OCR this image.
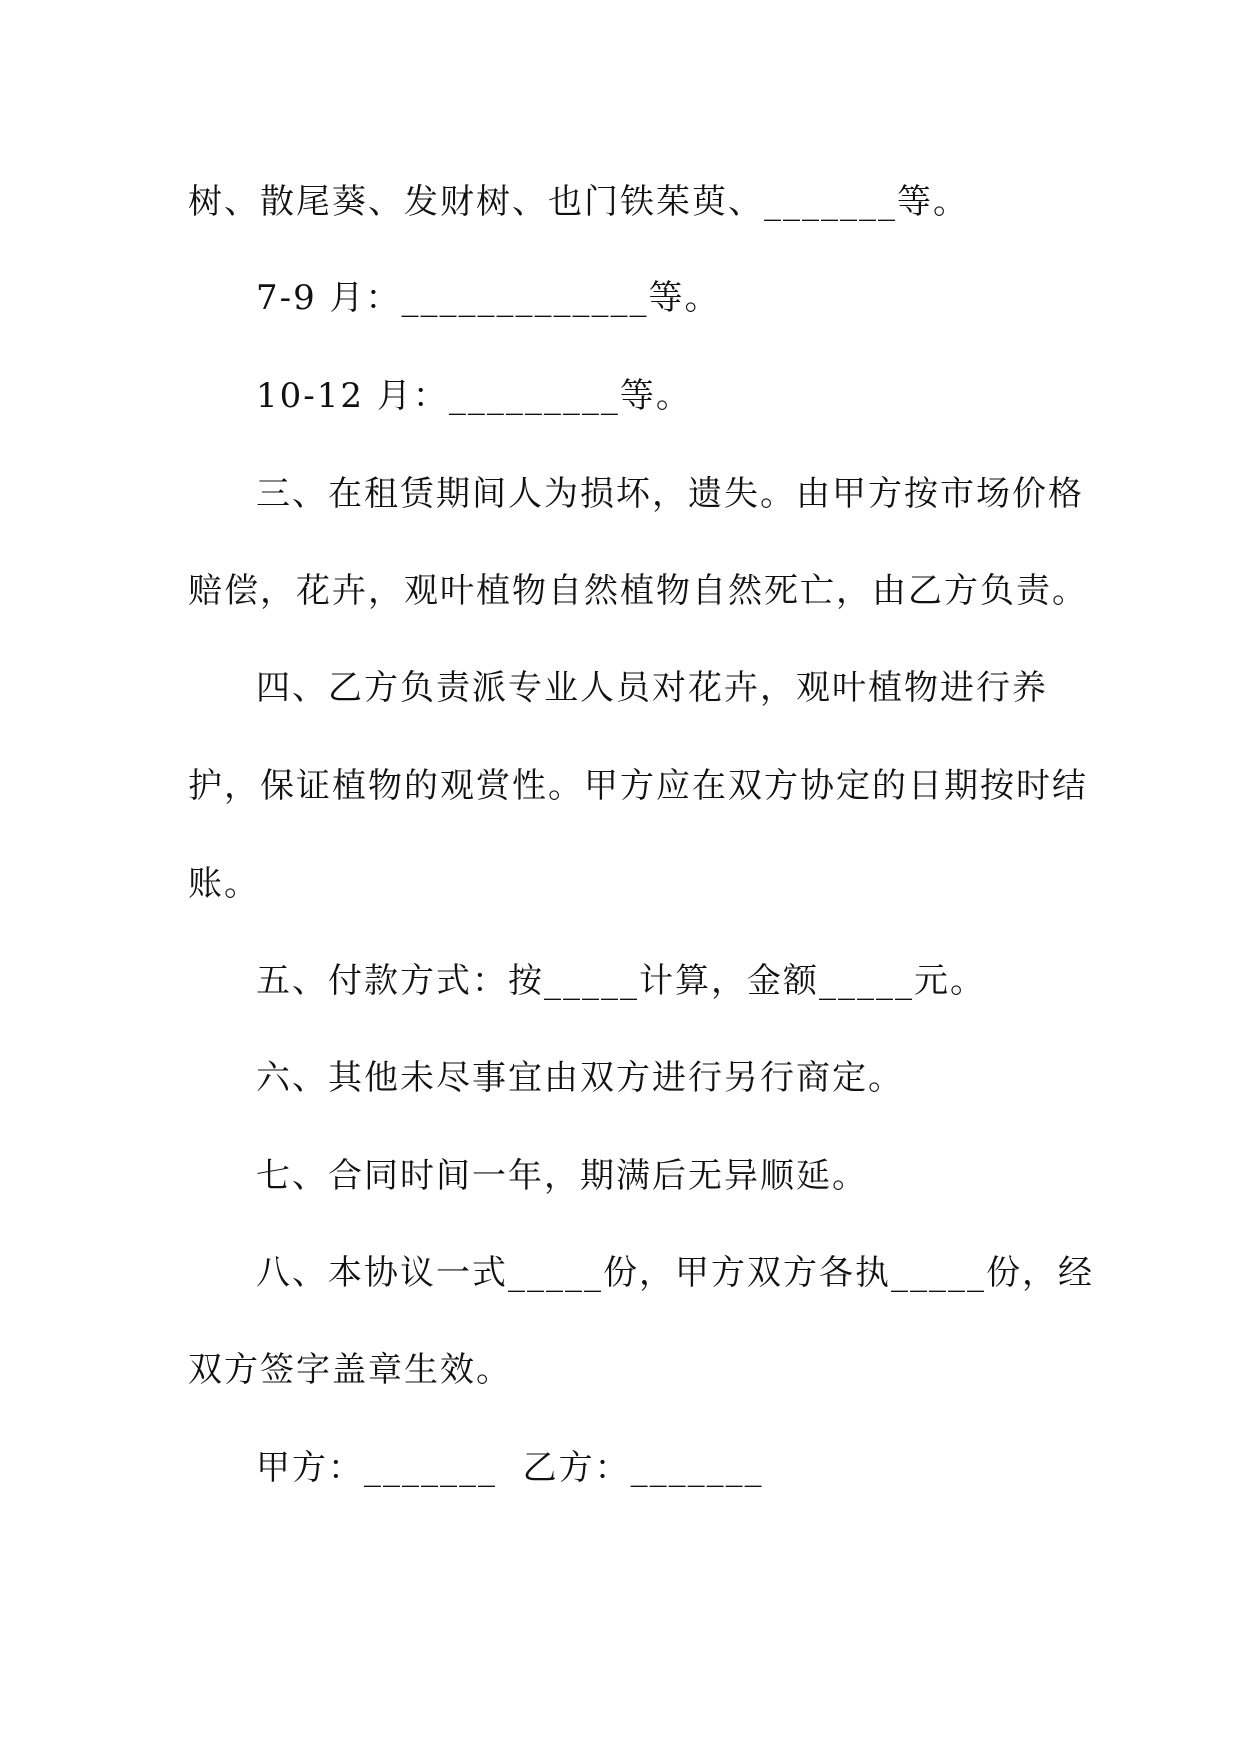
树、散尾葵、发财树、也门铁茱萸、_______等。
7-9 月：_____________等。
10-12 月：_________等。
三、在租赁期间人为损坏，遗失。由甲方按市场价格
赔偿，花卉，观叶植物自然植物自然死亡，由乙方负责。
四、乙方负责派专业人员对花卉，观叶植物进行养
护，保证植物的观赏性。甲方应在双方协定的日期按时结
账。
五、付款方式：按_____计算，金额_____元。
六、其他未尽事宜由双方进行另行商定。
七、合同时间一年，期满后无异顺延。
八、本协议一式_____份，甲方双方各执_____份，经
双方签字盖章生效。
甲方：_______  乙方：_______
